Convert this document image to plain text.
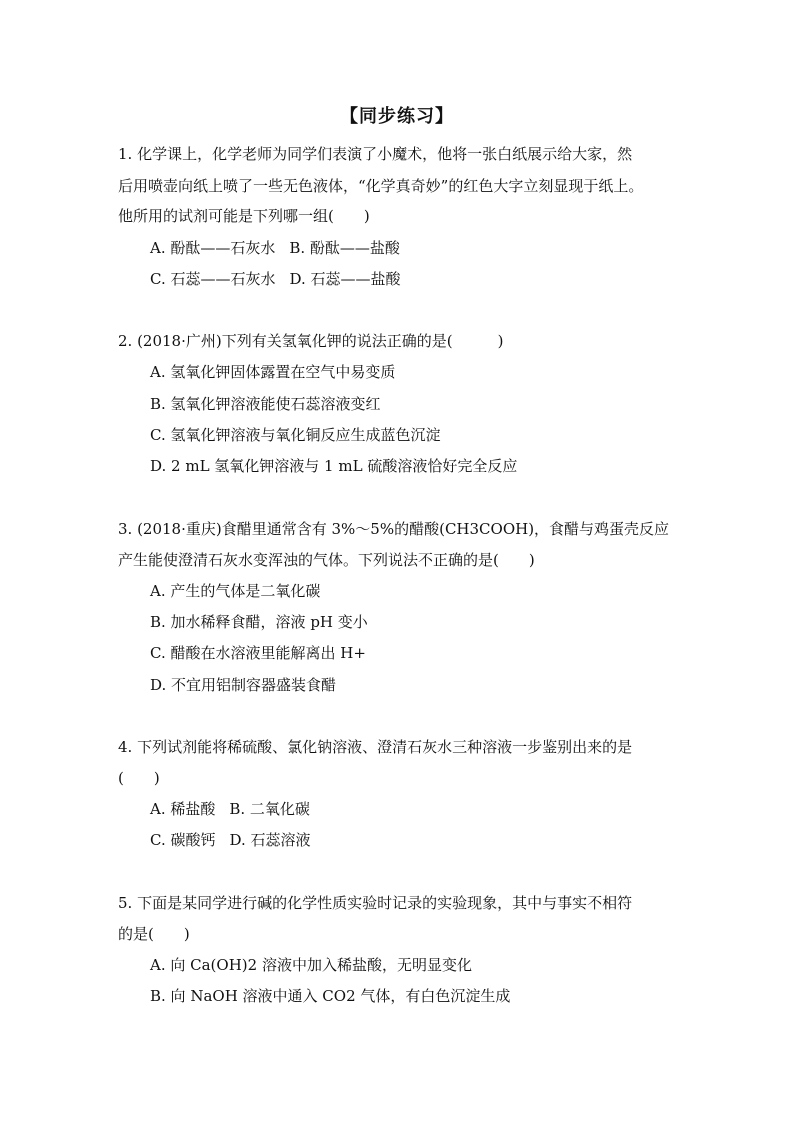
【同步练习】
1. 化学课上，化学老师为同学们表演了小魔术，他将一张白纸展示给大家，然
后用喷壶向纸上喷了一些无色液体，“化学真奇妙”的红色大字立刻显现于纸上。
他所用的试剂可能是下列哪一组(　　)
A. 酚酞——石灰水 B. 酚酞——盐酸
C. 石蕊——石灰水 D. 石蕊——盐酸
2. (2018·广州)下列有关氢氧化钾的说法正确的是(　　　)
A. 氢氧化钾固体露置在空气中易变质
B. 氢氧化钾溶液能使石蕊溶液变红
C. 氢氧化钾溶液与氧化铜反应生成蓝色沉淀
D. 2 mL 氢氧化钾溶液与 1 mL 硫酸溶液恰好完全反应
3. (2018·重庆)食醋里通常含有 3%～5%的醋酸(CH3COOH)，食醋与鸡蛋壳反应
产生能使澄清石灰水变浑浊的气体。下列说法不正确的是(　　)
A. 产生的气体是二氧化碳
B. 加水稀释食醋，溶液 pH 变小
C. 醋酸在水溶液里能解离出 H+
D. 不宜用铝制容器盛装食醋
4. 下列试剂能将稀硫酸、氯化钠溶液、澄清石灰水三种溶液一步鉴别出来的是
(　　)
A. 稀盐酸 B. 二氧化碳
C. 碳酸钙 D. 石蕊溶液
5. 下面是某同学进行碱的化学性质实验时记录的实验现象，其中与事实不相符
的是(　　)
A. 向 Ca(OH)2 溶液中加入稀盐酸，无明显变化
B. 向 NaOH 溶液中通入 CO2 气体，有白色沉淀生成
